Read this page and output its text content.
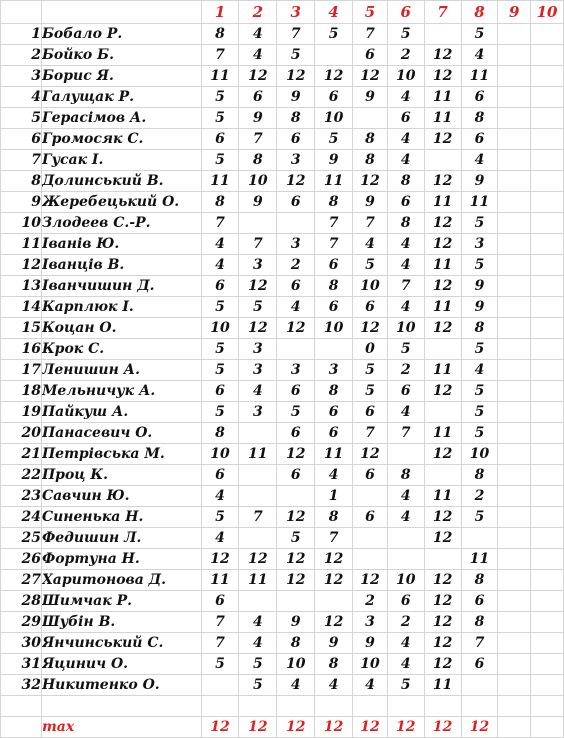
		1	2	3	4	5	6	7	8	9	10
1	Бобало Р.	8	4	7	5	7	5		5		
2	Бойко Б.	7	4	5		6	2	12	4		
3	Борис Я.	11	12	12	12	12	10	12	11		
4	Галущак Р.	5	6	9	6	9	4	11	6		
5	Герасімов А.	5	9	8	10		6	11	8		
6	Громосяк С.	6	7	6	5	8	4	12	6		
7	Гусак І.	5	8	3	9	8	4		4		
8	Долинський В.	11	10	12	11	12	8	12	9		
9	Жеребецький О.	8	9	6	8	9	6	11	11		
10	Злодеев С.-Р.	7			7	7	8	12	5		
11	Іванів Ю.	4	7	3	7	4	4	12	3		
12	Іванців В.	4	3	2	6	5	4	11	5		
13	Іванчишин Д.	6	12	6	8	10	7	12	9		
14	Карплюк І.	5	5	4	6	6	4	11	9		
15	Коцан О.	10	12	12	10	12	10	12	8		
16	Крок С.	5	3			0	5		5		
17	Ленишин А.	5	3	3	3	5	2	11	4		
18	Мельничук А.	6	4	6	8	5	6	12	5		
19	Пайкуш А.	5	3	5	6	6	4		5		
20	Панасевич О.	8		6	6	7	7	11	5		
21	Петрівська М.	10	11	12	11	12		12	10		
22	Проц К.	6		6	4	6	8		8		
23	Савчин Ю.	4			1		4	11	2		
24	Синенька Н.	5	7	12	8	6	4	12	5		
25	Федишин Л.	4		5	7			12			
26	Фортуна Н.	12	12	12	12				11		
27	Харитонова Д.	11	11	12	12	12	10	12	8		
28	Шимчак Р.	6				2	6	12	6		
29	Шубін В.	7	4	9	12	3	2	12	8		
30	Янчинський С.	7	4	8	9	9	4	12	7		
31	Яцинич О.	5	5	10	8	10	4	12	6		
32	Никитенко О.		5	4	4	4	5	11			

	max	12	12	12	12	12	12	12	12		
